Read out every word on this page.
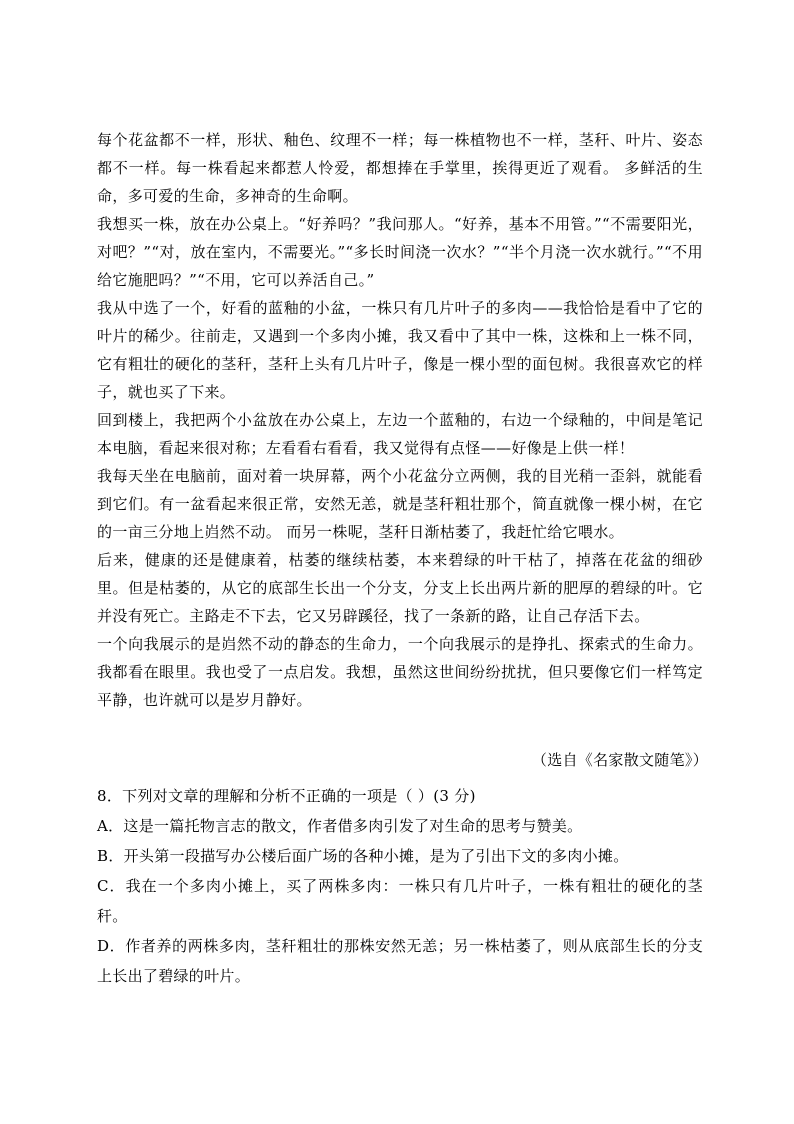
每个花盆都不一样，形状、釉色、纹理不一样；每一株植物也不一样，茎秆、叶片、姿态都不一样。每一株看起来都惹人怜爱，都想捧在手掌里，挨得更近了观看。 多鲜活的生命，多可爱的生命，多神奇的生命啊。

我想买一株，放在办公桌上。“好养吗？”我问那人。“好养，基本不用管。”“不需要阳光，对吧？”“对，放在室内，不需要光。”“多长时间浇一次水？”“半个月浇一次水就行。”“不用给它施肥吗？”“不用，它可以养活自己。”

我从中选了一个，好看的蓝釉的小盆，一株只有几片叶子的多肉——我恰恰是看中了它的叶片的稀少。往前走，又遇到一个多肉小摊，我又看中了其中一株，这株和上一株不同，它有粗壮的硬化的茎秆，茎秆上头有几片叶子，像是一棵小型的面包树。我很喜欢它的样子，就也买了下来。

回到楼上，我把两个小盆放在办公桌上，左边一个蓝釉的，右边一个绿釉的，中间是笔记本电脑，看起来很对称；左看看右看看，我又觉得有点怪——好像是上供一样！

我每天坐在电脑前，面对着一块屏幕，两个小花盆分立两侧，我的目光稍一歪斜，就能看到它们。有一盆看起来很正常，安然无恙，就是茎秆粗壮那个，简直就像一棵小树，在它的一亩三分地上岿然不动。 而另一株呢，茎秆日渐枯萎了，我赶忙给它喂水。

后来，健康的还是健康着，枯萎的继续枯萎，本来碧绿的叶干枯了，掉落在花盆的细砂里。但是枯萎的，从它的底部生长出一个分支，分支上长出两片新的肥厚的碧绿的叶。它并没有死亡。主路走不下去，它又另辟蹊径，找了一条新的路，让自己存活下去。

一个向我展示的是岿然不动的静态的生命力，一个向我展示的是挣扎、探索式的生命力。我都看在眼里。我也受了一点启发。我想，虽然这世间纷纷扰扰，但只要像它们一样笃定平静，也许就可以是岁月静好。

（选自《名家散文随笔》）

8．下列对文章的理解和分析不正确的一项是（ ）(3 分)

A．这是一篇托物言志的散文，作者借多肉引发了对生命的思考与赞美。

B．开头第一段描写办公楼后面广场的各种小摊，是为了引出下文的多肉小摊。

C．我在一个多肉小摊上，买了两株多肉：一株只有几片叶子，一株有粗壮的硬化的茎秆。

D．作者养的两株多肉，茎秆粗壮的那株安然无恙；另一株枯萎了，则从底部生长的分支上长出了碧绿的叶片。
